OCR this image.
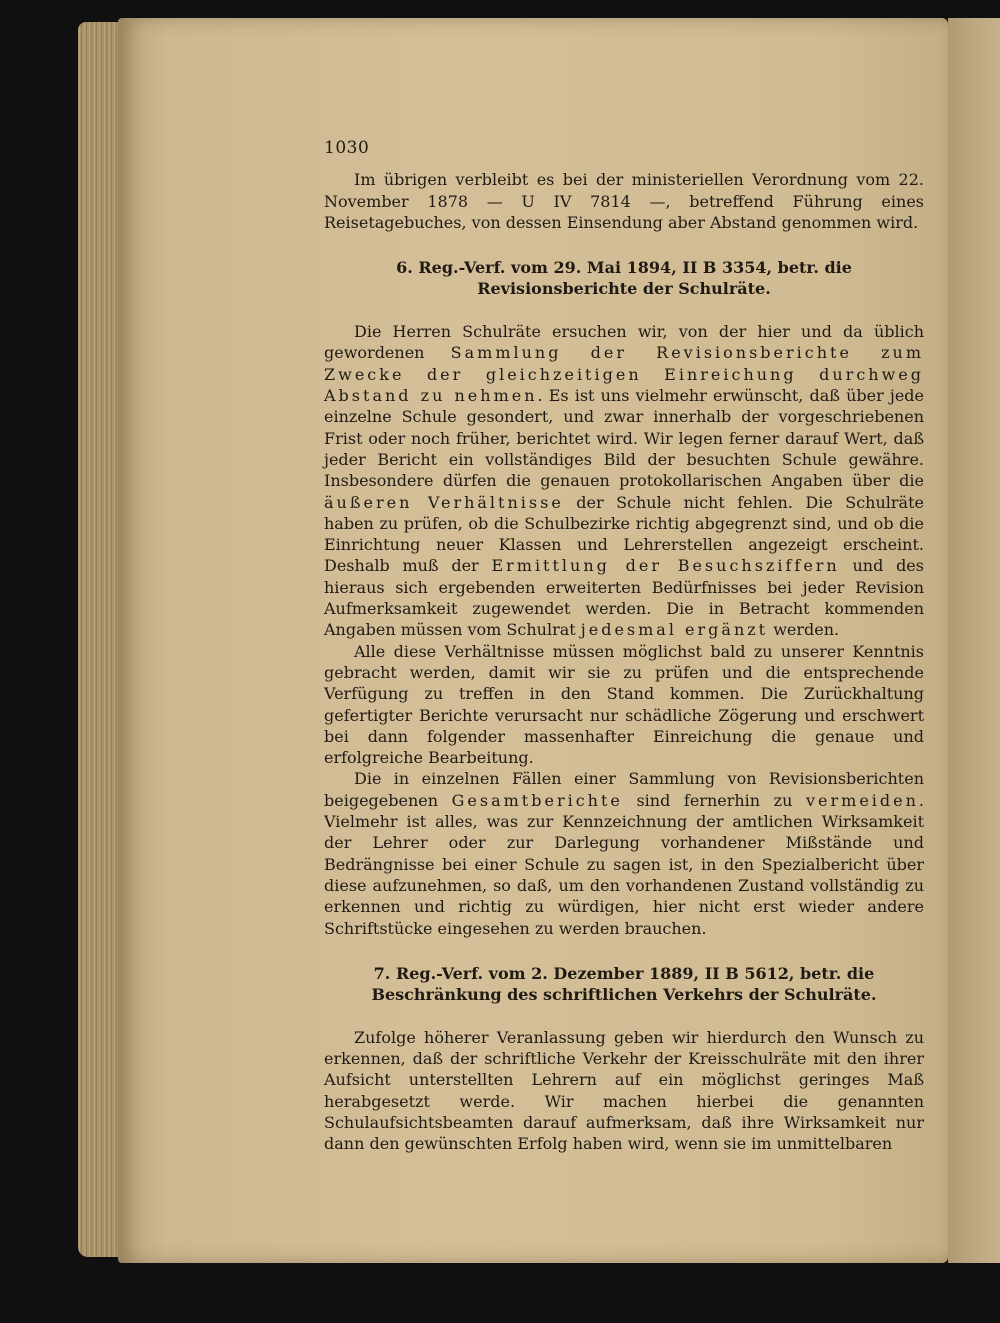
1030

Im übrigen verbleibt es bei der ministeriellen Verordnung vom 22. November 1878 — U IV 7814 —, betreffend Führung eines Reisetagebuches, von dessen Einsendung aber Abstand genommen wird.

6. Reg.-Verf. vom 29. Mai 1894, II B 3354, betr. die Revisionsberichte der Schulräte.

Die Herren Schulräte ersuchen wir, von der hier und da üblich gewordenen Sammlung der Revisionsberichte zum Zwecke der gleichzeitigen Einreichung durchweg Abstand zu nehmen. Es ist uns vielmehr erwünscht, daß über jede einzelne Schule gesondert, und zwar innerhalb der vorgeschriebenen Frist oder noch früher, berichtet wird. Wir legen ferner darauf Wert, daß jeder Bericht ein vollständiges Bild der besuchten Schule gewähre. Insbesondere dürfen die genauen protokollarischen Angaben über die äußeren Verhältnisse der Schule nicht fehlen. Die Schulräte haben zu prüfen, ob die Schulbezirke richtig abgegrenzt sind, und ob die Einrichtung neuer Klassen und Lehrerstellen angezeigt erscheint. Deshalb muß der Ermittlung der Besuchsziffern und des hieraus sich ergebenden erweiterten Bedürfnisses bei jeder Revision Aufmerksamkeit zugewendet werden. Die in Betracht kommenden Angaben müssen vom Schulrat jedesmal ergänzt werden.

Alle diese Verhältnisse müssen möglichst bald zu unserer Kenntnis gebracht werden, damit wir sie zu prüfen und die entsprechende Verfügung zu treffen in den Stand kommen. Die Zurückhaltung gefertigter Berichte verursacht nur schädliche Zögerung und erschwert bei dann folgender massenhafter Einreichung die genaue und erfolgreiche Bearbeitung.

Die in einzelnen Fällen einer Sammlung von Revisionsberichten beigegebenen Gesamtberichte sind fernerhin zu vermeiden. Vielmehr ist alles, was zur Kennzeichnung der amtlichen Wirksamkeit der Lehrer oder zur Darlegung vorhandener Mißstände und Bedrängnisse bei einer Schule zu sagen ist, in den Spezialbericht über diese aufzunehmen, so daß, um den vorhandenen Zustand vollständig zu erkennen und richtig zu würdigen, hier nicht erst wieder andere Schriftstücke eingesehen zu werden brauchen.

7. Reg.-Verf. vom 2. Dezember 1889, II B 5612, betr. die Beschränkung des schriftlichen Verkehrs der Schulräte.

Zufolge höherer Veranlassung geben wir hierdurch den Wunsch zu erkennen, daß der schriftliche Verkehr der Kreisschulräte mit den ihrer Aufsicht unterstellten Lehrern auf ein möglichst geringes Maß herabgesetzt werde. Wir machen hierbei die genannten Schulaufsichtsbeamten darauf aufmerksam, daß ihre Wirksamkeit nur dann den gewünschten Erfolg haben wird, wenn sie im unmittelbaren
